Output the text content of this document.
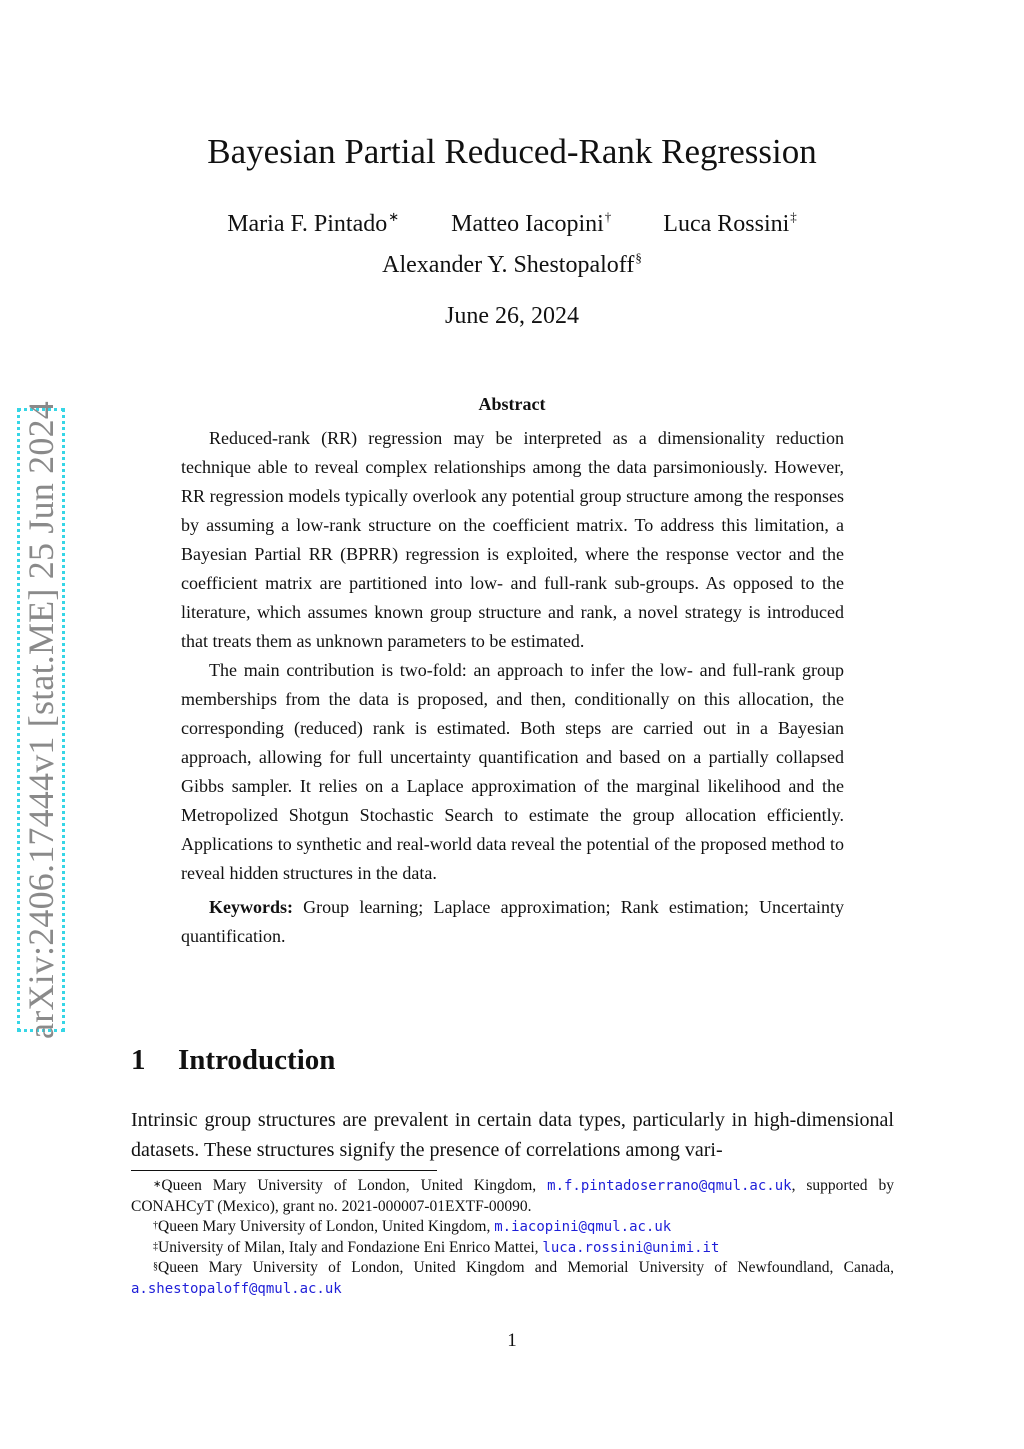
arXiv:2406.17444v1 [stat.ME] 25 Jun 2024
Bayesian Partial Reduced-Rank Regression
Maria F. Pintado∗ Matteo Iacopini† Luca Rossini‡
Alexander Y. Shestopaloff§
June 26, 2024
Abstract

Reduced-rank (RR) regression may be interpreted as a dimensionality reduction technique able to reveal complex relationships among the data parsimoniously. However, RR regression models typically overlook any potential group structure among the responses by assuming a low-rank structure on the coefficient matrix. To address this limitation, a Bayesian Partial RR (BPRR) regression is exploited, where the response vector and the coefficient matrix are partitioned into low- and full-rank sub-groups. As opposed to the literature, which assumes known group structure and rank, a novel strategy is introduced that treats them as unknown parameters to be estimated.

The main contribution is two-fold: an approach to infer the low- and full-rank group memberships from the data is proposed, and then, conditionally on this allocation, the corresponding (reduced) rank is estimated. Both steps are carried out in a Bayesian approach, allowing for full uncertainty quantification and based on a partially collapsed Gibbs sampler. It relies on a Laplace approximation of the marginal likelihood and the Metropolized Shotgun Stochastic Search to estimate the group allocation efficiently. Applications to synthetic and real-world data reveal the potential of the proposed method to reveal hidden structures in the data.

Keywords: Group learning; Laplace approximation; Rank estimation; Uncertainty quantification.

1 Introduction

Intrinsic group structures are prevalent in certain data types, particularly in high-dimensional datasets. These structures signify the presence of correlations among vari-

∗Queen Mary University of London, United Kingdom, m.f.pintadoserrano@qmul.ac.uk, supported by CONAHCyT (Mexico), grant no. 2021-000007-01EXTF-00090.

†Queen Mary University of London, United Kingdom, m.iacopini@qmul.ac.uk

‡University of Milan, Italy and Fondazione Eni Enrico Mattei, luca.rossini@unimi.it

§Queen Mary University of London, United Kingdom and Memorial University of Newfoundland, Canada, a.shestopaloff@qmul.ac.uk

1
